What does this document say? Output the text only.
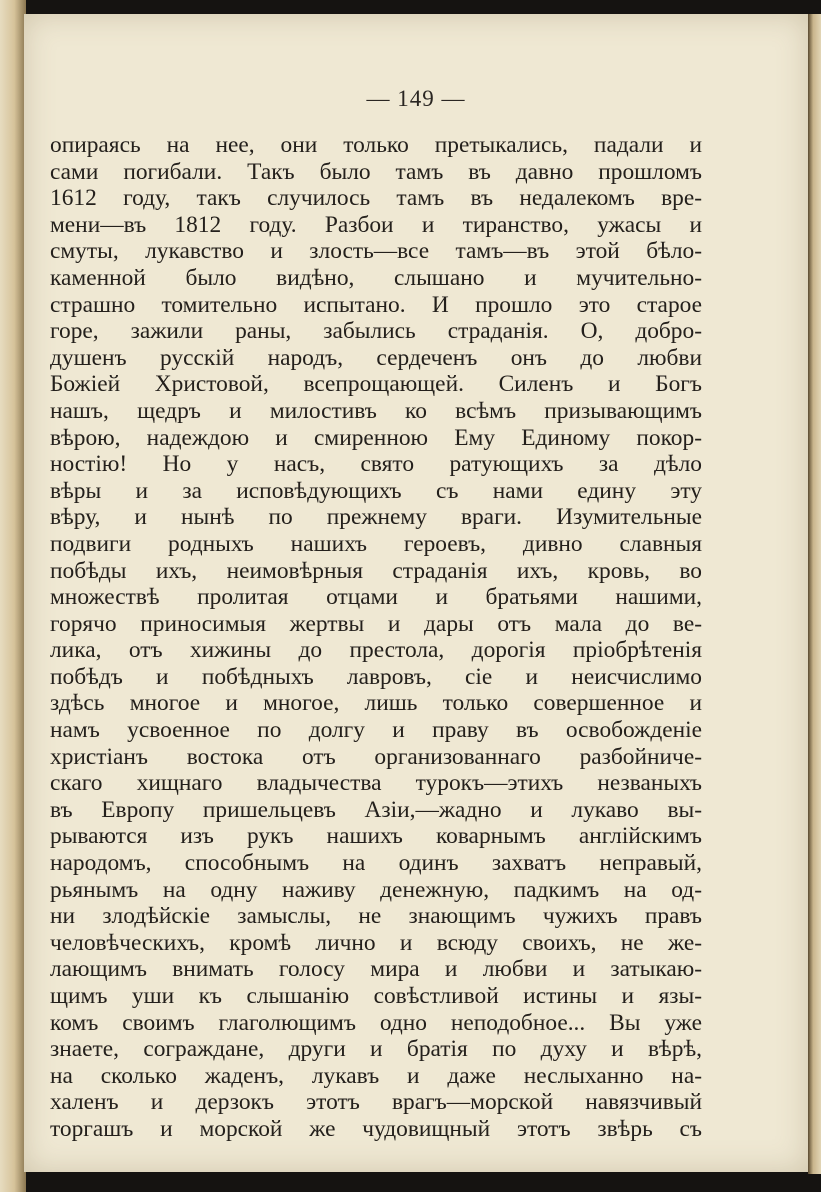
— 149 —
опираясь на нее, они только претыкались, падали и
сами погибали. Такъ было тамъ въ давно прошломъ
1612 году, такъ случилось тамъ въ недалекомъ вре-
мени—въ 1812 году. Разбои и тиранство, ужасы и
смуты, лукавство и злость—все тамъ—въ этой бѣло-
каменной было видѣно, слышано и мучительно-
страшно томительно испытано. И прошло это старое
горе, зажили раны, забылись страданія. О, добро-
душенъ русскій народъ, сердеченъ онъ до любви
Божіей Христовой, всепрощающей. Силенъ и Богъ
нашъ, щедръ и милостивъ ко всѣмъ призывающимъ
вѣрою, надеждою и смиренною Ему Единому покор-
ностію! Но у насъ, свято ратующихъ за дѣло
вѣры и за исповѣдующихъ съ нами едину эту
вѣру, и нынѣ по прежнему враги. Изумительные
подвиги родныхъ нашихъ героевъ, дивно славныя
побѣды ихъ, неимовѣрныя страданія ихъ, кровь, во
множествѣ пролитая отцами и братьями нашими,
горячо приносимыя жертвы и дары отъ мала до ве-
лика, отъ хижины до престола, дорогія пріобрѣтенія
побѣдъ и побѣдныхъ лавровъ, сіе и неисчислимо
здѣсь многое и многое, лишь только совершенное и
намъ усвоенное по долгу и праву въ освобожденіе
христіанъ востока отъ организованнаго разбойниче-
скаго хищнаго владычества турокъ—этихъ незваныхъ
въ Европу пришельцевъ Азіи,—жадно и лукаво вы-
рываются изъ рукъ нашихъ коварнымъ англійскимъ
народомъ, способнымъ на одинъ захватъ неправый,
рьянымъ на одну наживу денежную, падкимъ на од-
ни злодѣйскіе замыслы, не знающимъ чужихъ правъ
человѣческихъ, кромѣ лично и всюду своихъ, не же-
лающимъ внимать голосу мира и любви и затыкаю-
щимъ уши къ слышанію совѣстливой истины и язы-
комъ своимъ глаголющимъ одно неподобное... Вы уже
знаете, сограждане, други и братія по духу и вѣрѣ,
на сколько жаденъ, лукавъ и даже неслыханно на-
халенъ и дерзокъ этотъ врагъ—морской навязчивый
торгашъ и морской же чудовищный этотъ звѣрь съ
